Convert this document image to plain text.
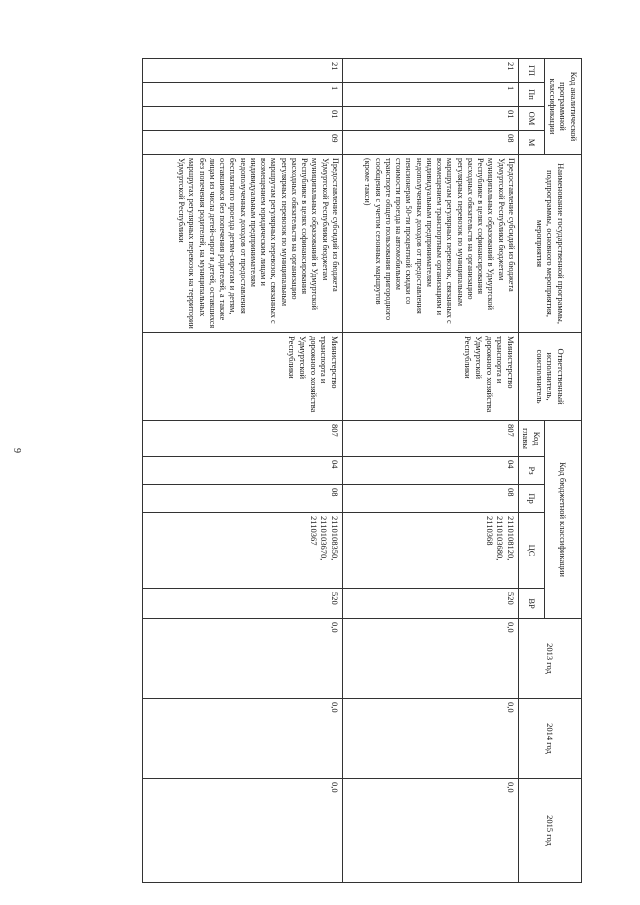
9
Код аналитической программной классификации				Наименование государственной программы, подпрограммы, основного мероприятия, мероприятия	Ответственный исполнитель, соисполнитель	Код бюджетной классификации					2013 год	2014 год	2015 год
ГП	Пп	ОМ	М			Код главы	Рз	Пр	ЦС	ВР			
21	1	01	08	Предоставление субсидий из бюджета Удмуртской Республики бюджетам муниципальных образований в Удмуртской Республике в целях софинансирования расходных обязательств на организацию регулярных перевозок по муниципальным маршрутам регулярных перевозок, связанных с возмещением транспортным организациям и индивидуальным предпринимателям недополученных доходов от предоставления пенсионерам 50-ти процентной скидки со стоимости проезда на автомобильном транспорте общего пользования пригородного сообщения с учетом сезонных маршрутов (кроме такси)	Министерство транспорта и дорожного хозяйства Удмуртской Республики	807	04	08	2110108120, 2110103680, 2110368	520	0,0	0,0	0,0
21	1	01	09	Предоставление субсидий из бюджета Удмуртской Республики бюджетам муниципальных образований в Удмуртской Республике в целях софинансирования расходных обязательств на организацию регулярных перевозок по муниципальным маршрутам регулярных перевозок, связанных с возмещением юридическим лицам и индивидуальным предпринимателям недополученных доходов от предоставления бесплатного проезда детям-сиротам и детям, оставшимся без попечения родителей, а также лицам из числа детей-сирот и детей, оставшихся без попечения родителей, на муниципальных маршрутах регулярных перевозок на территории Удмуртской Республики	Министерство транспорта и дорожного хозяйства Удмуртской Республики	807	04	08	2110108350, 2110103670, 2110367	520	0,0	0,0	0,0
